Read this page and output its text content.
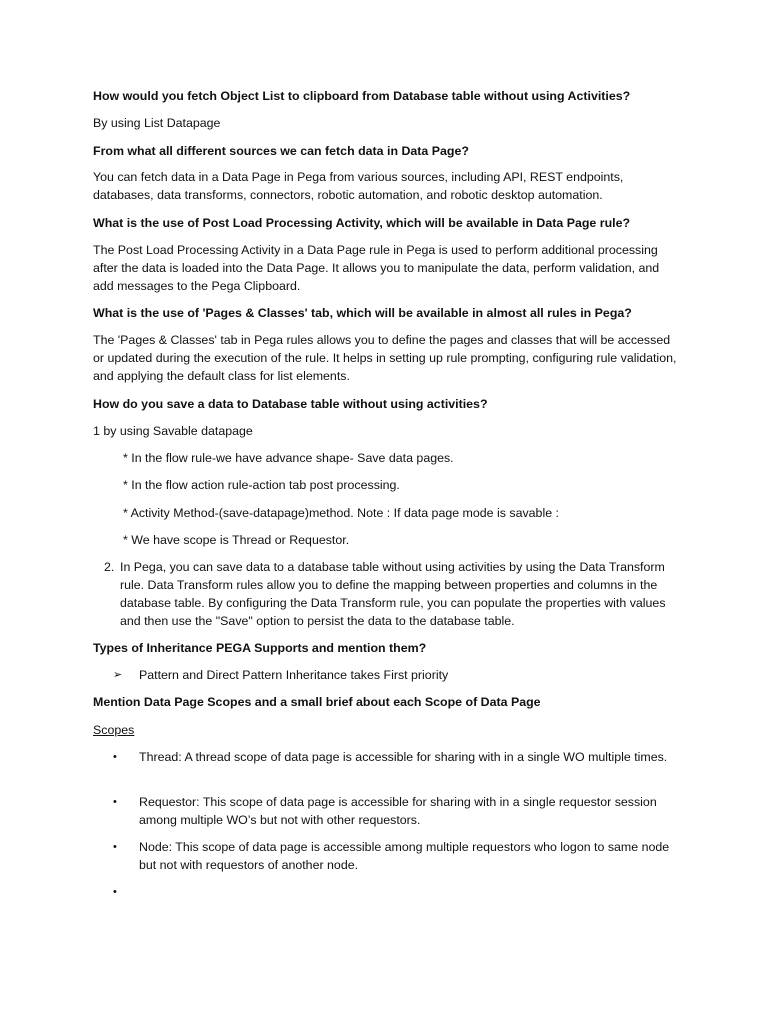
How would you fetch Object List to clipboard from Database table without using Activities?

By using List Datapage

From what all different sources we can fetch data in Data Page?

You can fetch data in a Data Page in Pega from various sources, including API, REST endpoints, databases, data transforms, connectors, robotic automation, and robotic desktop automation.

What is the use of Post Load Processing Activity, which will be available in Data Page rule?

The Post Load Processing Activity in a Data Page rule in Pega is used to perform additional processing after the data is loaded into the Data Page. It allows you to manipulate the data, perform validation, and add messages to the Pega Clipboard.

What is the use of 'Pages & Classes' tab, which will be available in almost all rules in Pega?

The 'Pages & Classes' tab in Pega rules allows you to define the pages and classes that will be accessed or updated during the execution of the rule. It helps in setting up rule prompting, configuring rule validation, and applying the default class for list elements.

How do you save a data to Database table without using activities?

1 by using Savable datapage

* In the flow rule-we have advance shape- Save data pages.

* In the flow action rule-action tab post processing.

* Activity Method-(save-datapage)method. Note : If data page mode is savable :

* We have scope is Thread or Requestor.

2. In Pega, you can save data to a database table without using activities by using the Data Transform rule. Data Transform rules allow you to define the mapping between properties and columns in the database table. By configuring the Data Transform rule, you can populate the properties with values and then use the "Save" option to persist the data to the database table.

Types of Inheritance PEGA Supports and mention them?

➢	Pattern and Direct Pattern Inheritance takes First priority

Mention Data Page Scopes and a small brief about each Scope of Data Page

Scopes

•	Thread: A thread scope of data page is accessible for sharing with in a single WO multiple times.
•	Requestor: This scope of data page is accessible for sharing with in a single requestor session among multiple WO’s but not with other requestors.
•	Node: This scope of data page is accessible among multiple requestors who logon to same node but not with requestors of another node.
•
